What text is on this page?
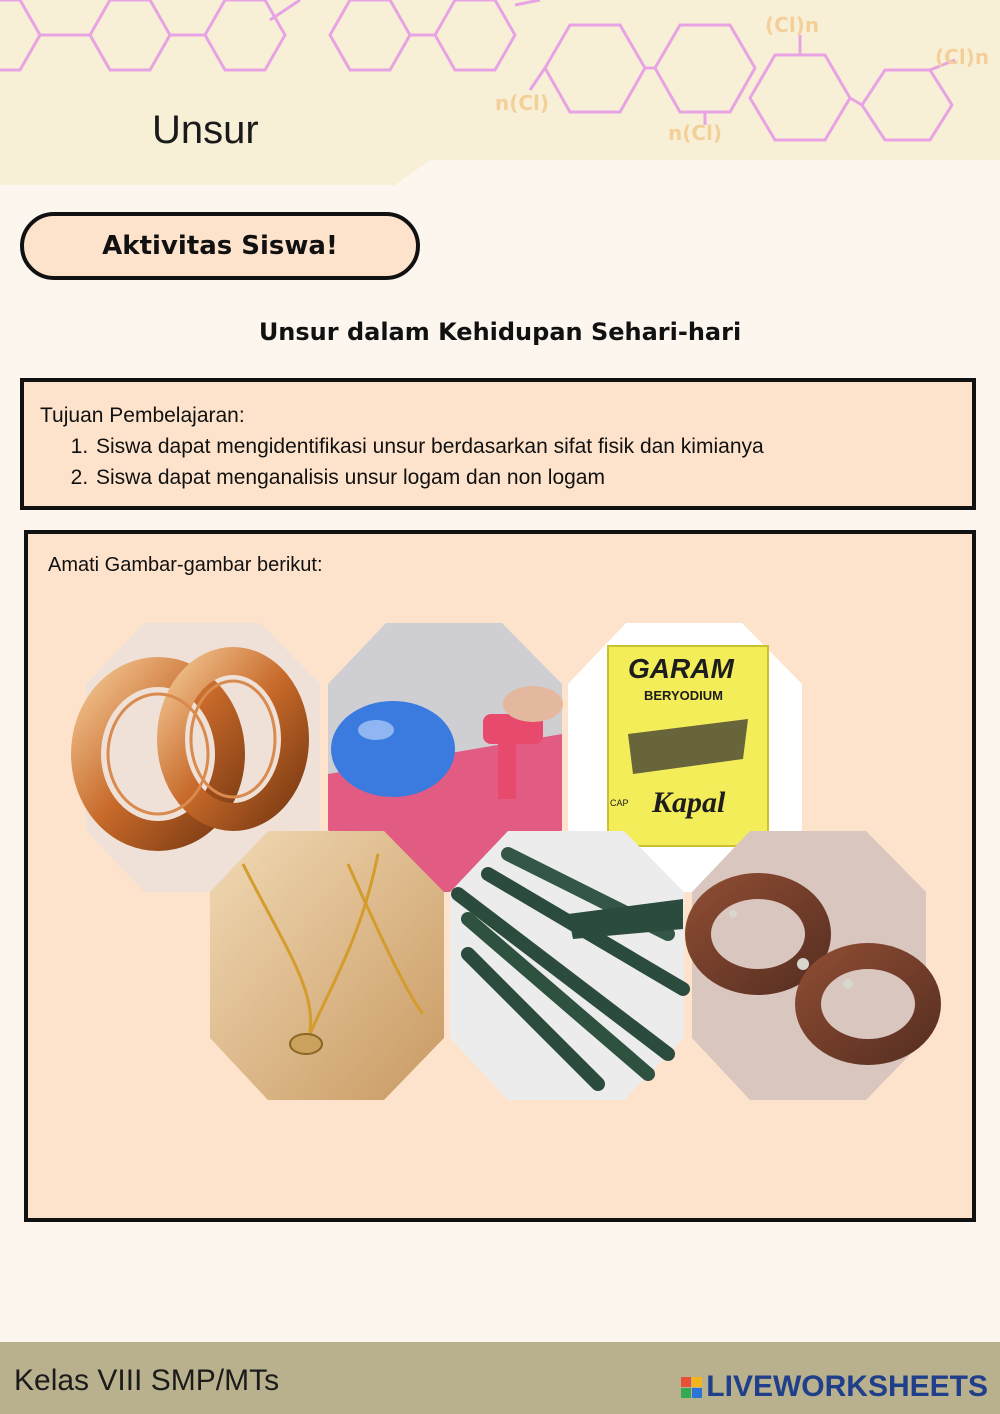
(Cl)n
(Cl)n
n(Cl)
n(Cl)
Unsur
Aktivitas Siswa!
Unsur dalam Kehidupan Sehari-hari
Tujuan Pembelajaran:
1. Siswa dapat mengidentifikasi unsur berdasarkan sifat fisik dan kimianya
2. Siswa dapat menganalisis unsur logam dan non logam
Amati Gambar-gambar berikut:
GARAM
BERYODIUM
CAP Kapal
Kelas VIII SMP/MTs	LIVEWORKSHEETS
